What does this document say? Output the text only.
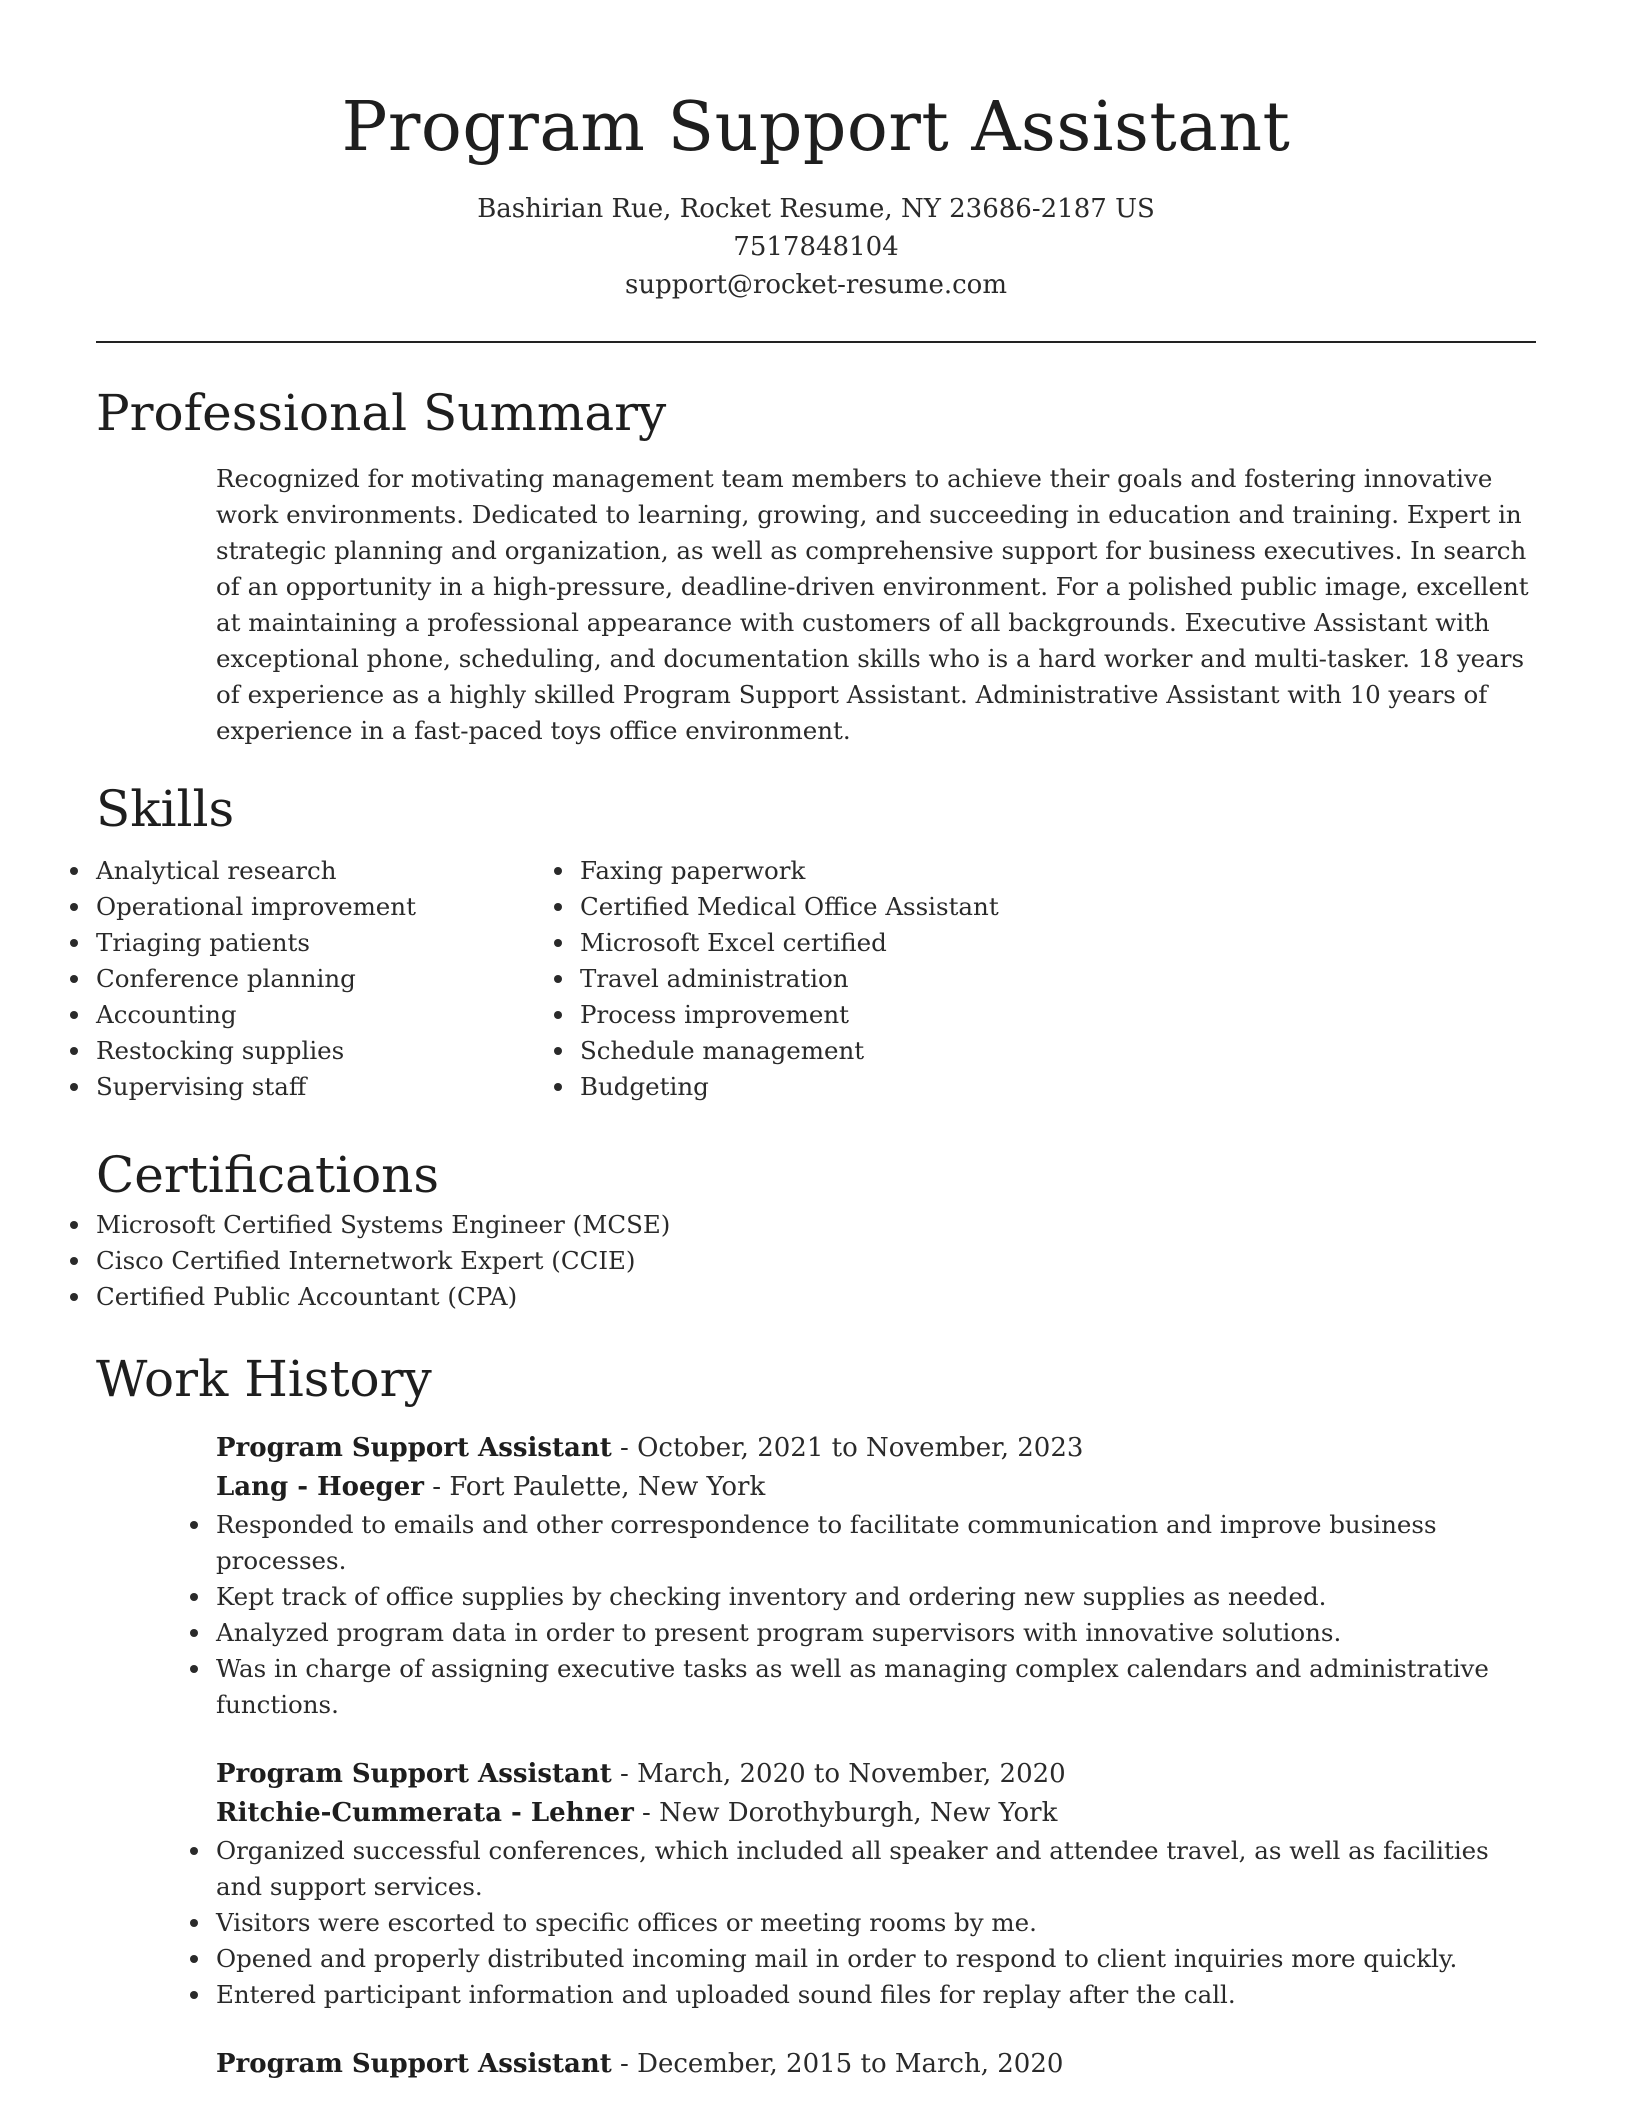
Program Support Assistant
Bashirian Rue, Rocket Resume, NY 23686-2187 US
7517848104
support@rocket-resume.com
Professional Summary

Recognized for motivating management team members to achieve their goals and fostering innovative work environments. Dedicated to learning, growing, and succeeding in education and training. Expert in strategic planning and organization, as well as comprehensive support for business executives. In search of an opportunity in a high-pressure, deadline-driven environment. For a polished public image, excellent at maintaining a professional appearance with customers of all backgrounds. Executive Assistant with exceptional phone, scheduling, and documentation skills who is a hard worker and multi-tasker. 18 years of experience as a highly skilled Program Support Assistant. Administrative Assistant with 10 years of experience in a fast-paced toys office environment.

Skills
Analytical research
Operational improvement
Triaging patients
Conference planning
Accounting
Restocking supplies
Supervising staff
Faxing paperwork
Certified Medical Office Assistant
Microsoft Excel certified
Travel administration
Process improvement
Schedule management
Budgeting
Certifications
Microsoft Certified Systems Engineer (MCSE)
Cisco Certified Internetwork Expert (CCIE)
Certified Public Accountant (CPA)
Work History
Program Support Assistant - October, 2021 to November, 2023
Lang - Hoeger - Fort Paulette, New York
Responded to emails and other correspondence to facilitate communication and improve business processes.
Kept track of office supplies by checking inventory and ordering new supplies as needed.
Analyzed program data in order to present program supervisors with innovative solutions.
Was in charge of assigning executive tasks as well as managing complex calendars and administrative functions.
Program Support Assistant - March, 2020 to November, 2020
Ritchie-Cummerata - Lehner - New Dorothyburgh, New York
Organized successful conferences, which included all speaker and attendee travel, as well as facilities and support services.
Visitors were escorted to specific offices or meeting rooms by me.
Opened and properly distributed incoming mail in order to respond to client inquiries more quickly.
Entered participant information and uploaded sound files for replay after the call.
Program Support Assistant - December, 2015 to March, 2020
